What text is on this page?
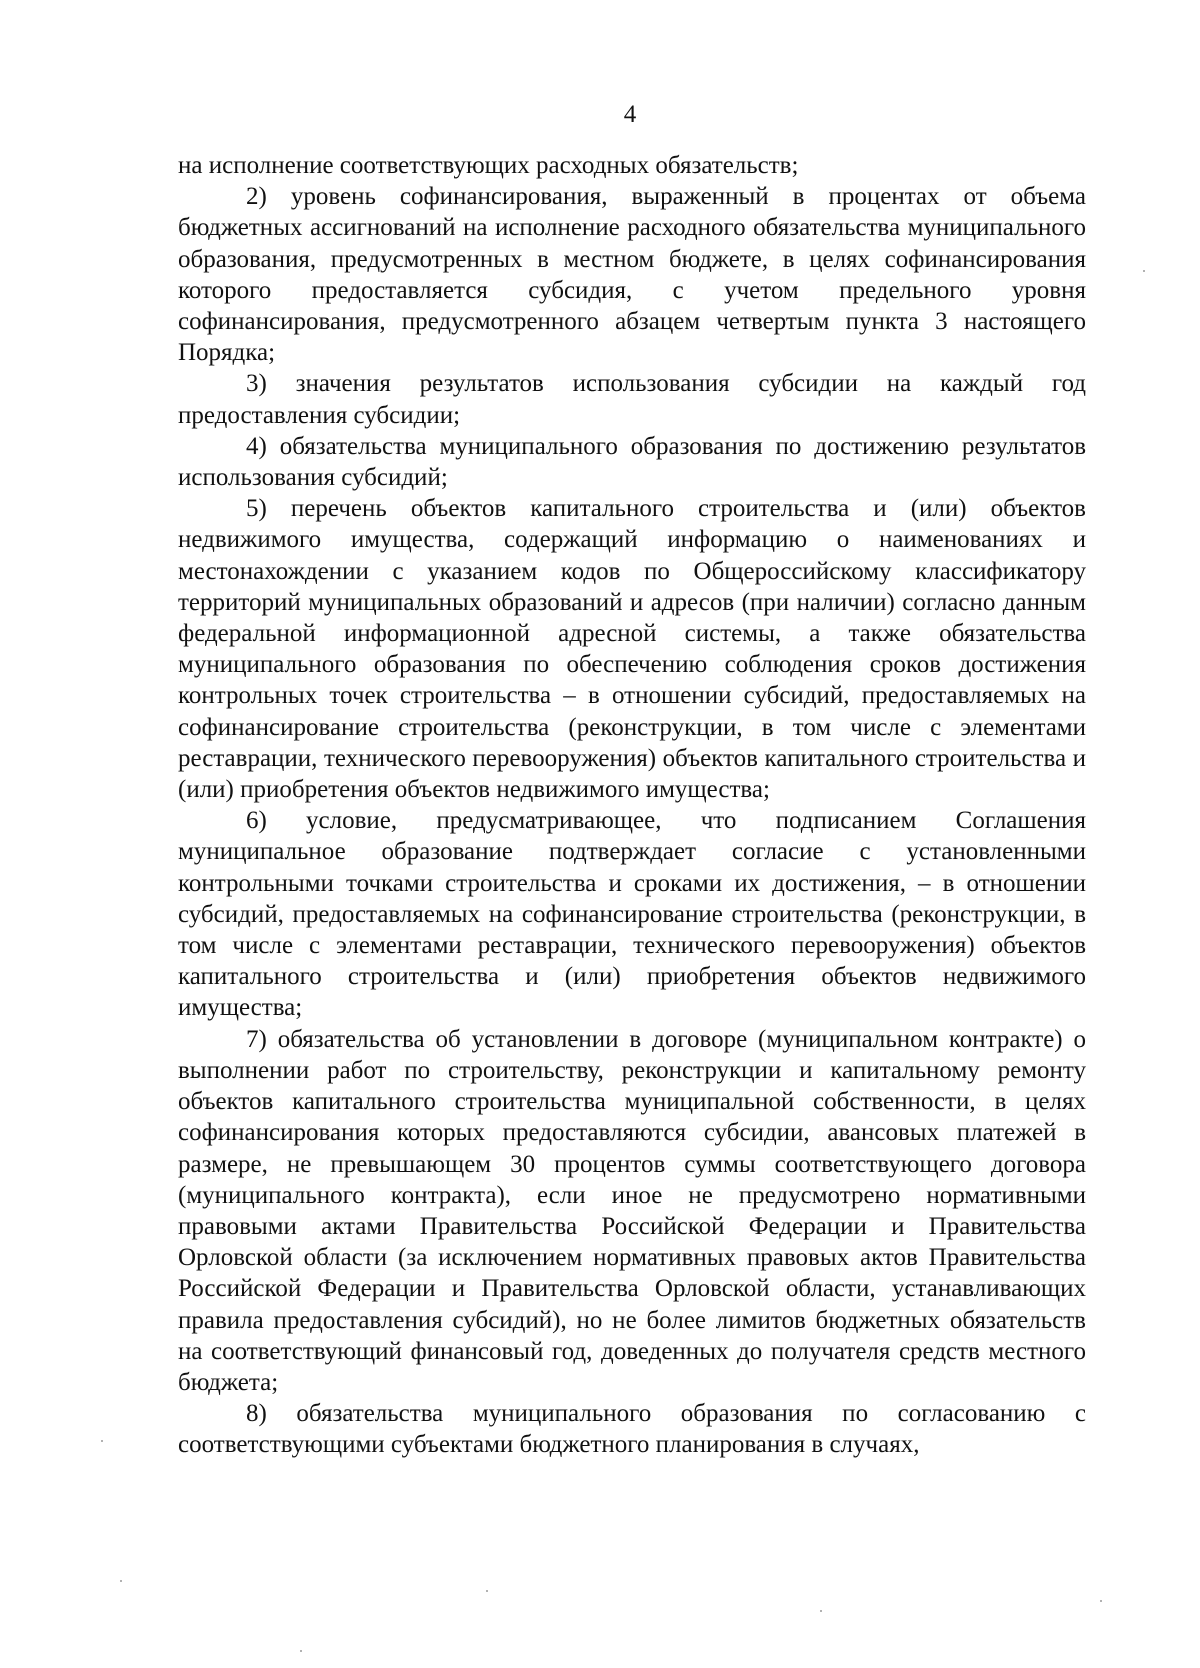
4

на исполнение соответствующих расходных обязательств;

2) уровень софинансирования, выраженный в процентах от объема бюджетных ассигнований на исполнение расходного обязательства муниципального образования, предусмотренных в местном бюджете, в целях софинансирования которого предоставляется субсидия, с учетом предельного уровня софинансирования, предусмотренного абзацем четвертым пункта 3 настоящего Порядка;

3) значения результатов использования субсидии на каждый год предоставления субсидии;

4) обязательства муниципального образования по достижению результатов использования субсидий;

5) перечень объектов капитального строительства и (или) объектов недвижимого имущества, содержащий информацию о наименованиях и местонахождении с указанием кодов по Общероссийскому классификатору территорий муниципальных образований и адресов (при наличии) согласно данным федеральной информационной адресной системы, а также обязательства муниципального образования по обеспечению соблюдения сроков достижения контрольных точек строительства – в отношении субсидий, предоставляемых на софинансирование строительства (реконструкции, в том числе с элементами реставрации, технического перевооружения) объектов капитального строительства и (или) приобретения объектов недвижимого имущества;

6) условие, предусматривающее, что подписанием Соглашения муниципальное образование подтверждает согласие с установленными контрольными точками строительства и сроками их достижения, – в отношении субсидий, предоставляемых на софинансирование строительства (реконструкции, в том числе с элементами реставрации, технического перевооружения) объектов капитального строительства и (или) приобретения объектов недвижимого имущества;

7) обязательства об установлении в договоре (муниципальном контракте) о выполнении работ по строительству, реконструкции и капитальному ремонту объектов капитального строительства муниципальной собственности, в целях софинансирования которых предоставляются субсидии, авансовых платежей в размере, не превышающем 30 процентов суммы соответствующего договора (муниципального контракта), если иное не предусмотрено нормативными правовыми актами Правительства Российской Федерации и Правительства Орловской области (за исключением нормативных правовых актов Правительства Российской Федерации и Правительства Орловской области, устанавливающих правила предоставления субсидий), но не более лимитов бюджетных обязательств на соответствующий финансовый год, доведенных до получателя средств местного бюджета;

8) обязательства муниципального образования по согласованию с соответствующими субъектами бюджетного планирования в случаях,
